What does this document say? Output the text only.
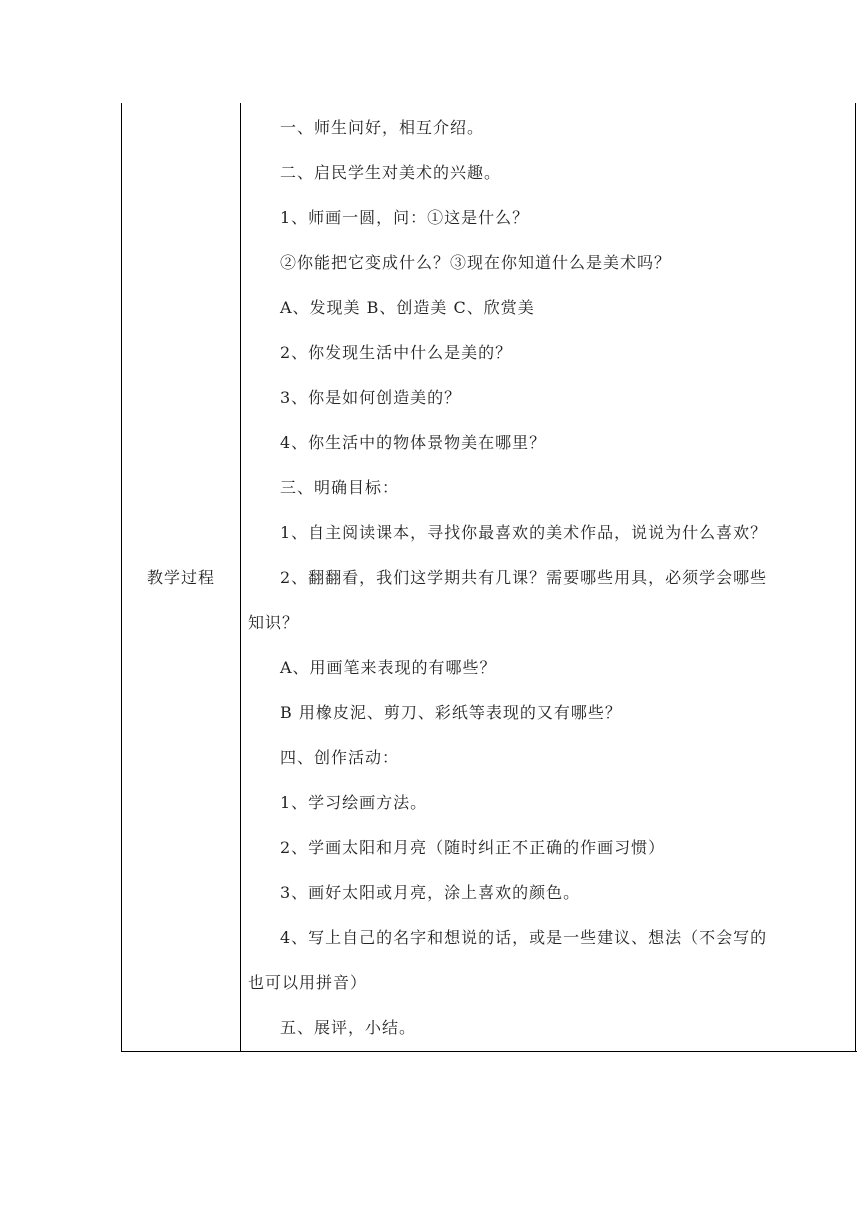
教学过程
一、师生问好，相互介绍。
二、启民学生对美术的兴趣。
1、师画一圆，问：①这是什么？
②你能把它变成什么？③现在你知道什么是美术吗？
A、发现美 B、创造美 C、欣赏美
2、你发现生活中什么是美的？
3、你是如何创造美的？
4、你生活中的物体景物美在哪里？
三、明确目标：
1、自主阅读课本，寻找你最喜欢的美术作品，说说为什么喜欢？
2、翻翻看，我们这学期共有几课？需要哪些用具，必须学会哪些
知识？
A、用画笔来表现的有哪些？
B 用橡皮泥、剪刀、彩纸等表现的又有哪些？
四、创作活动：
1、学习绘画方法。
2、学画太阳和月亮（随时纠正不正确的作画习惯）
3、画好太阳或月亮，涂上喜欢的颜色。
4、写上自己的名字和想说的话，或是一些建议、想法（不会写的
也可以用拼音）
五、展评，小结。
